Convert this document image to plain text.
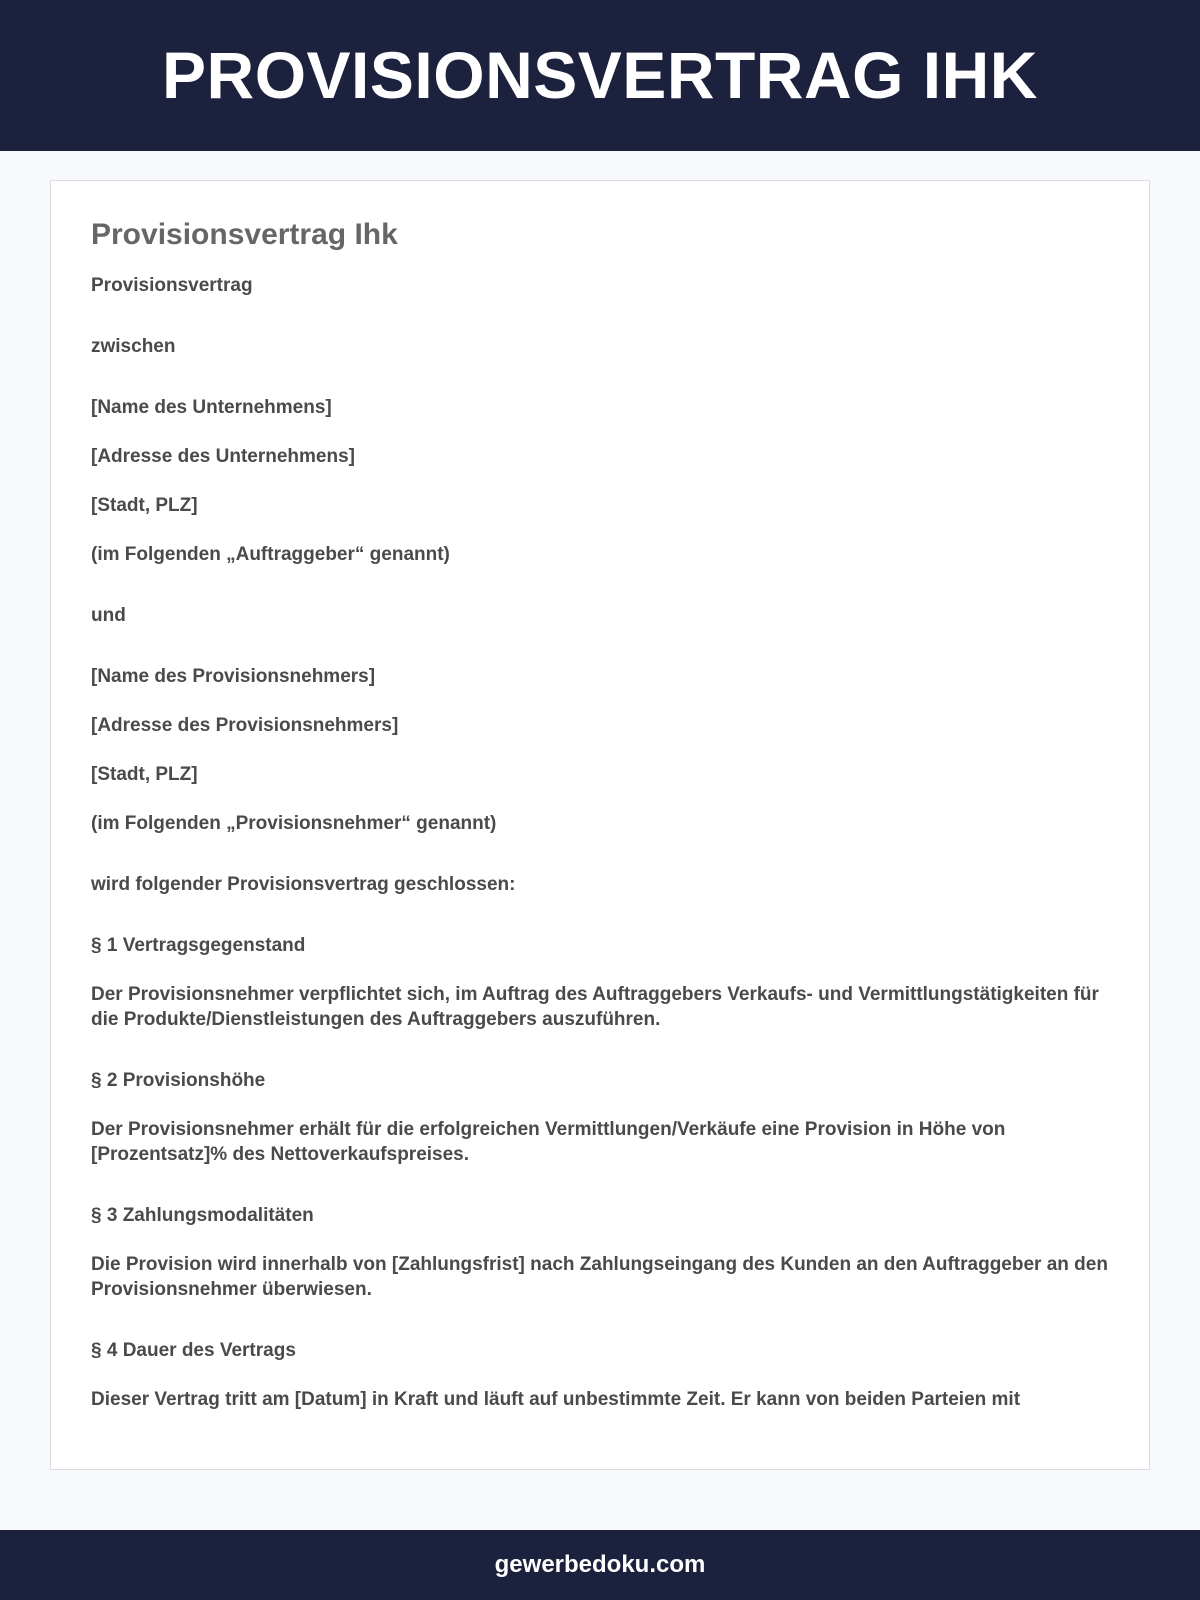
PROVISIONSVERTRAG IHK
Provisionsvertrag Ihk

Provisionsvertrag

zwischen

[Name des Unternehmens]

[Adresse des Unternehmens]

[Stadt, PLZ]

(im Folgenden „Auftraggeber“ genannt)

und

[Name des Provisionsnehmers]

[Adresse des Provisionsnehmers]

[Stadt, PLZ]

(im Folgenden „Provisionsnehmer“ genannt)

wird folgender Provisionsvertrag geschlossen:

§ 1 Vertragsgegenstand

Der Provisionsnehmer verpflichtet sich, im Auftrag des Auftraggebers Verkaufs- und Vermittlungstätigkeiten für die Produkte/Dienstleistungen des Auftraggebers auszuführen.

§ 2 Provisionshöhe

Der Provisionsnehmer erhält für die erfolgreichen Vermittlungen/Verkäufe eine Provision in Höhe von [Prozentsatz]% des Nettoverkaufspreises.

§ 3 Zahlungsmodalitäten

Die Provision wird innerhalb von [Zahlungsfrist] nach Zahlungseingang des Kunden an den Auftraggeber an den Provisionsnehmer überwiesen.

§ 4 Dauer des Vertrags

Dieser Vertrag tritt am [Datum] in Kraft und läuft auf unbestimmte Zeit. Er kann von beiden Parteien mit

gewerbedoku.com
